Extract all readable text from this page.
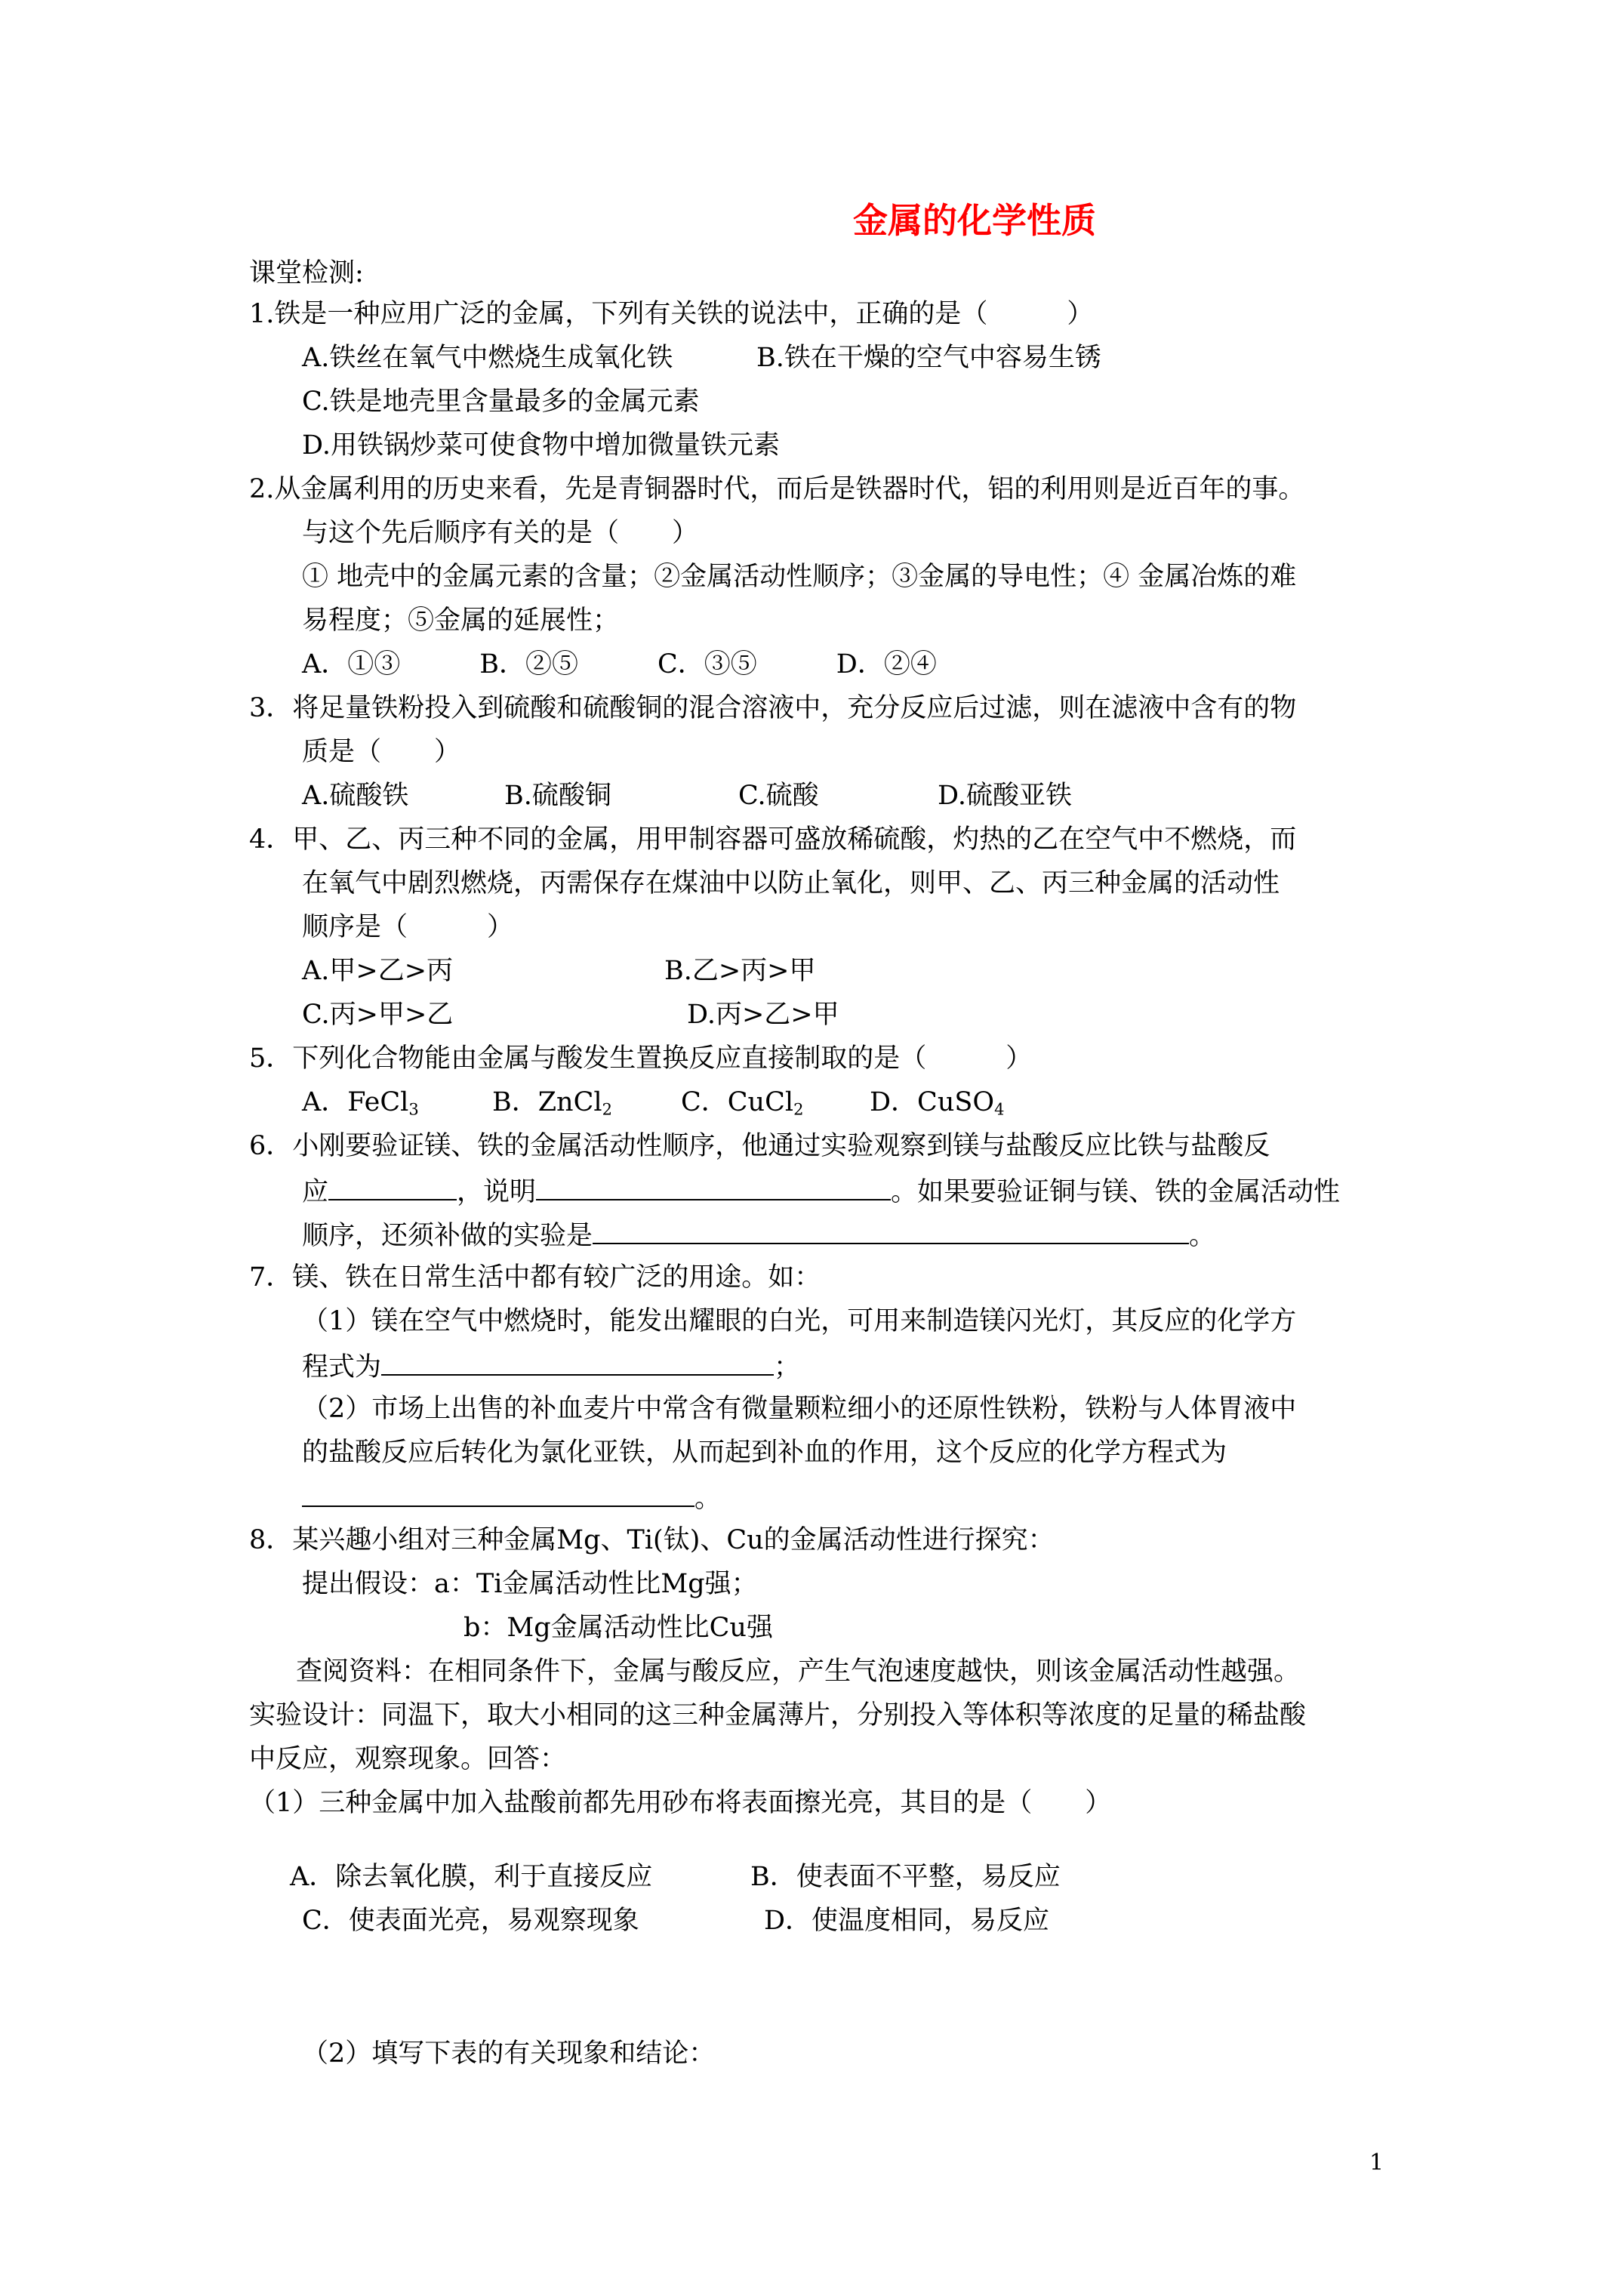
金属的化学性质
课堂检测:
1.铁是一种应用广泛的金属，下列有关铁的说法中，正确的是（　　　）
A.铁丝在氧气中燃烧生成氧化铁	B.铁在干燥的空气中容易生锈
C.铁是地壳里含量最多的金属元素
D.用铁锅炒菜可使食物中增加微量铁元素
2.从金属利用的历史来看，先是青铜器时代，而后是铁器时代，铝的利用则是近百年的事。
与这个先后顺序有关的是（　　）
① 地壳中的金属元素的含量；②金属活动性顺序；③金属的导电性；④ 金属冶炼的难
易程度；⑤金属的延展性；
A．①③　　　B．②⑤　　　C．③⑤　　　D．②④
3．将足量铁粉投入到硫酸和硫酸铜的混合溶液中，充分反应后过滤，则在滤液中含有的物
质是（　　）
A.硫酸铁	B.硫酸铜	C.硫酸	D.硫酸亚铁
4．甲、乙、丙三种不同的金属，用甲制容器可盛放稀硫酸，灼热的乙在空气中不燃烧，而
在氧气中剧烈燃烧，丙需保存在煤油中以防止氧化，则甲、乙、丙三种金属的活动性
顺序是（　　　）
A.甲>乙>丙	B.乙>丙>甲
C.丙>甲>乙	D.丙>乙>甲
5．下列化合物能由金属与酸发生置换反应直接制取的是（　　　）
A．FeCl$_3$	B．ZnCl$_2$	C．CuCl$_2$	D．CuSO$_4$
6．小刚要验证镁、铁的金属活动性顺序，他通过实验观察到镁与盐酸反应比铁与盐酸反
应	，说明	。如果要验证铜与镁、铁的金属活动性
顺序，还须补做的实验是	。
7．镁、铁在日常生活中都有较广泛的用途。如：
（1）镁在空气中燃烧时，能发出耀眼的白光，可用来制造镁闪光灯，其反应的化学方
程式为	；
（2）市场上出售的补血麦片中常含有微量颗粒细小的还原性铁粉，铁粉与人体胃液中
的盐酸反应后转化为氯化亚铁，从而起到补血的作用，这个反应的化学方程式为
。
8．某兴趣小组对三种金属Mg、Ti(钛)、Cu的金属活动性进行探究：
提出假设：a：Ti金属活动性比Mg强；
b：Mg金属活动性比Cu强
查阅资料：在相同条件下，金属与酸反应，产生气泡速度越快，则该金属活动性越强。
实验设计：同温下，取大小相同的这三种金属薄片，分别投入等体积等浓度的足量的稀盐酸
中反应，观察现象。回答：
（1）三种金属中加入盐酸前都先用砂布将表面擦光亮，其目的是（　　）
A．除去氧化膜，利于直接反应	B．使表面不平整，易反应
C．使表面光亮，易观察现象	D．使温度相同，易反应
（2）填写下表的有关现象和结论：
1
